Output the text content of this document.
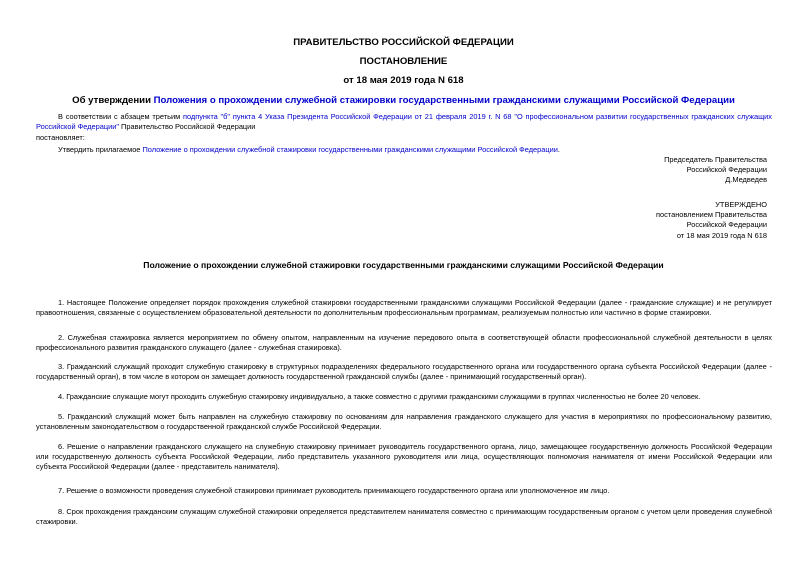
ПРАВИТЕЛЬСТВО РОССИЙСКОЙ ФЕДЕРАЦИИ
ПОСТАНОВЛЕНИЕ
от 18 мая 2019 года N 618
Об утверждении Положения о прохождении служебной стажировки государственными гражданскими служащими Российской Федерации
В соответствии с абзацем третьим подпункта "б" пункта 4 Указа Президента Российской Федерации от 21 февраля 2019 г. N 68 "О профессиональном развитии государственных гражданских служащих Российской Федерации" Правительство Российской Федерации
постановляет:
Утвердить прилагаемое Положение о прохождении служебной стажировки государственными гражданскими служащими Российской Федерации.
Председатель Правительства
Российской Федерации
Д.Медведев
УТВЕРЖДЕНО
постановлением Правительства
Российской Федерации
от 18 мая 2019 года N 618
Положение о прохождении служебной стажировки государственными гражданскими служащими Российской Федерации
1. Настоящее Положение определяет порядок прохождения служебной стажировки государственными гражданскими служащими Российской Федерации (далее - гражданские служащие) и не регулирует правоотношения, связанные с осуществлением образовательной деятельности по дополнительным профессиональным программам, реализуемым полностью или частично в форме стажировки.
2. Служебная стажировка является мероприятием по обмену опытом, направленным на изучение передового опыта в соответствующей области профессиональной служебной деятельности в целях профессионального развития гражданского служащего (далее - служебная стажировка).
3. Гражданский служащий проходит служебную стажировку в структурных подразделениях федерального государственного органа или государственного органа субъекта Российской Федерации (далее - государственный орган), в том числе в котором он замещает должность государственной гражданской службы (далее - принимающий государственный орган).
4. Гражданские служащие могут проходить служебную стажировку индивидуально, а также совместно с другими гражданскими служащими в группах численностью не более 20 человек.
5. Гражданский служащий может быть направлен на служебную стажировку по основаниям для направления гражданского служащего для участия в мероприятиях по профессиональному развитию, установленным законодательством о государственной гражданской службе Российской Федерации.
6. Решение о направлении гражданского служащего на служебную стажировку принимает руководитель государственного органа, лицо, замещающее государственную должность Российской Федерации или государственную должность субъекта Российской Федерации, либо представитель указанного руководителя или лица, осуществляющих полномочия нанимателя от имени Российской Федерации или субъекта Российской Федерации (далее - представитель нанимателя).
7. Решение о возможности проведения служебной стажировки принимает руководитель принимающего государственного органа или уполномоченное им лицо.
8. Срок прохождения гражданским служащим служебной стажировки определяется представителем нанимателя совместно с принимающим государственным органом с учетом цели проведения служебной стажировки.
